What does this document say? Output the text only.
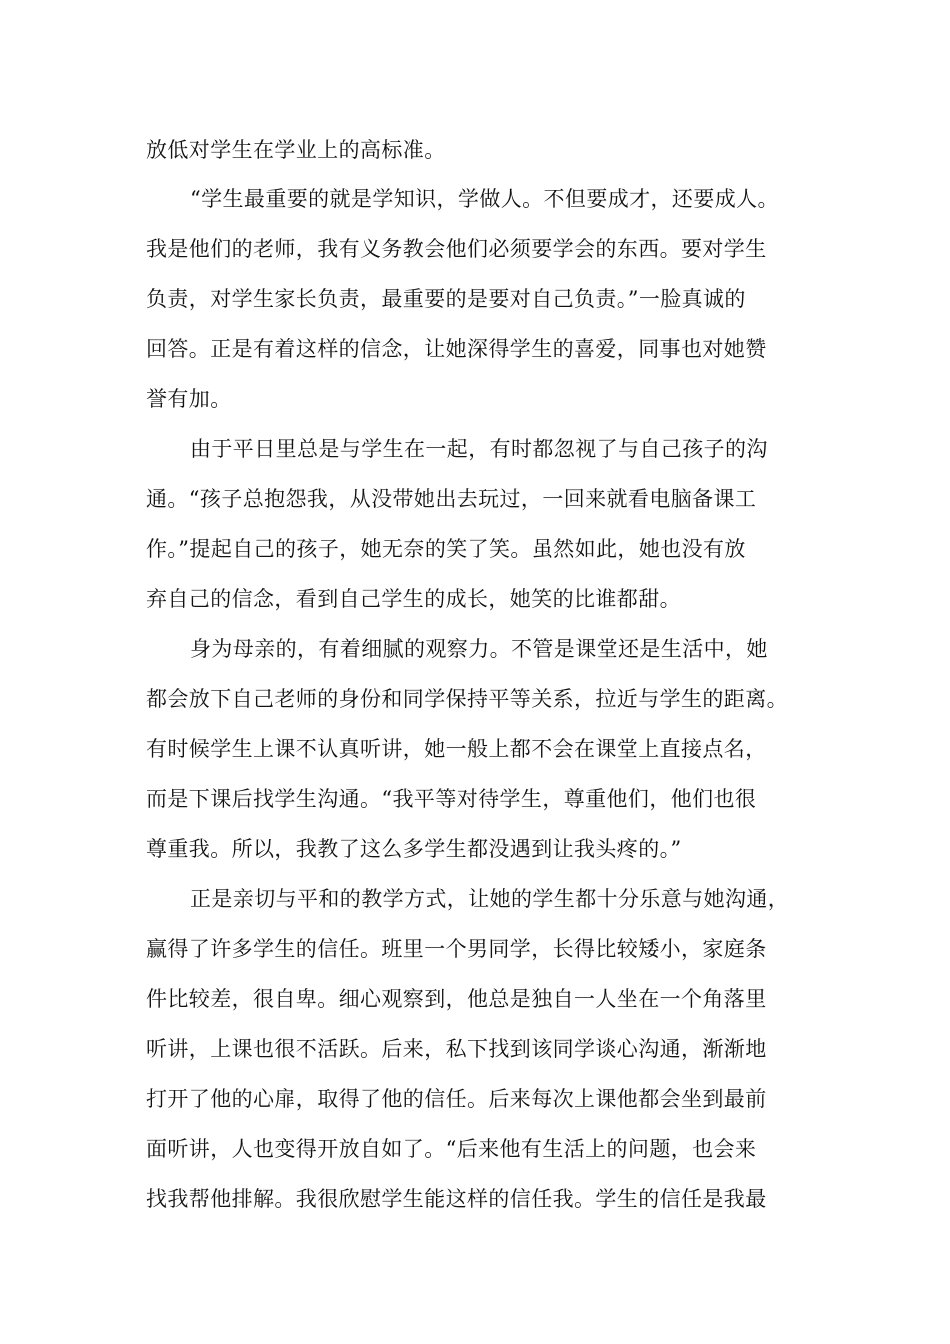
放低对学生在学业上的高标准。
“学生最重要的就是学知识，学做人。不但要成才，还要成人。
我是他们的老师，我有义务教会他们必须要学会的东西。要对学生
负责，对学生家长负责，最重要的是要对自己负责。”一脸真诚的
回答。正是有着这样的信念，让她深得学生的喜爱，同事也对她赞
誉有加。
由于平日里总是与学生在一起，有时都忽视了与自己孩子的沟
通。“孩子总抱怨我，从没带她出去玩过，一回来就看电脑备课工
作。”提起自己的孩子，她无奈的笑了笑。虽然如此，她也没有放
弃自己的信念，看到自己学生的成长，她笑的比谁都甜。
身为母亲的，有着细腻的观察力。不管是课堂还是生活中，她
都会放下自己老师的身份和同学保持平等关系，拉近与学生的距离。
有时候学生上课不认真听讲，她一般上都不会在课堂上直接点名，
而是下课后找学生沟通。“我平等对待学生，尊重他们，他们也很
尊重我。所以，我教了这么多学生都没遇到让我头疼的。”
正是亲切与平和的教学方式，让她的学生都十分乐意与她沟通，
赢得了许多学生的信任。班里一个男同学，长得比较矮小，家庭条
件比较差，很自卑。细心观察到，他总是独自一人坐在一个角落里
听讲，上课也很不活跃。后来，私下找到该同学谈心沟通，渐渐地
打开了他的心扉，取得了他的信任。后来每次上课他都会坐到最前
面听讲，人也变得开放自如了。“后来他有生活上的问题，也会来
找我帮他排解。我很欣慰学生能这样的信任我。学生的信任是我最
